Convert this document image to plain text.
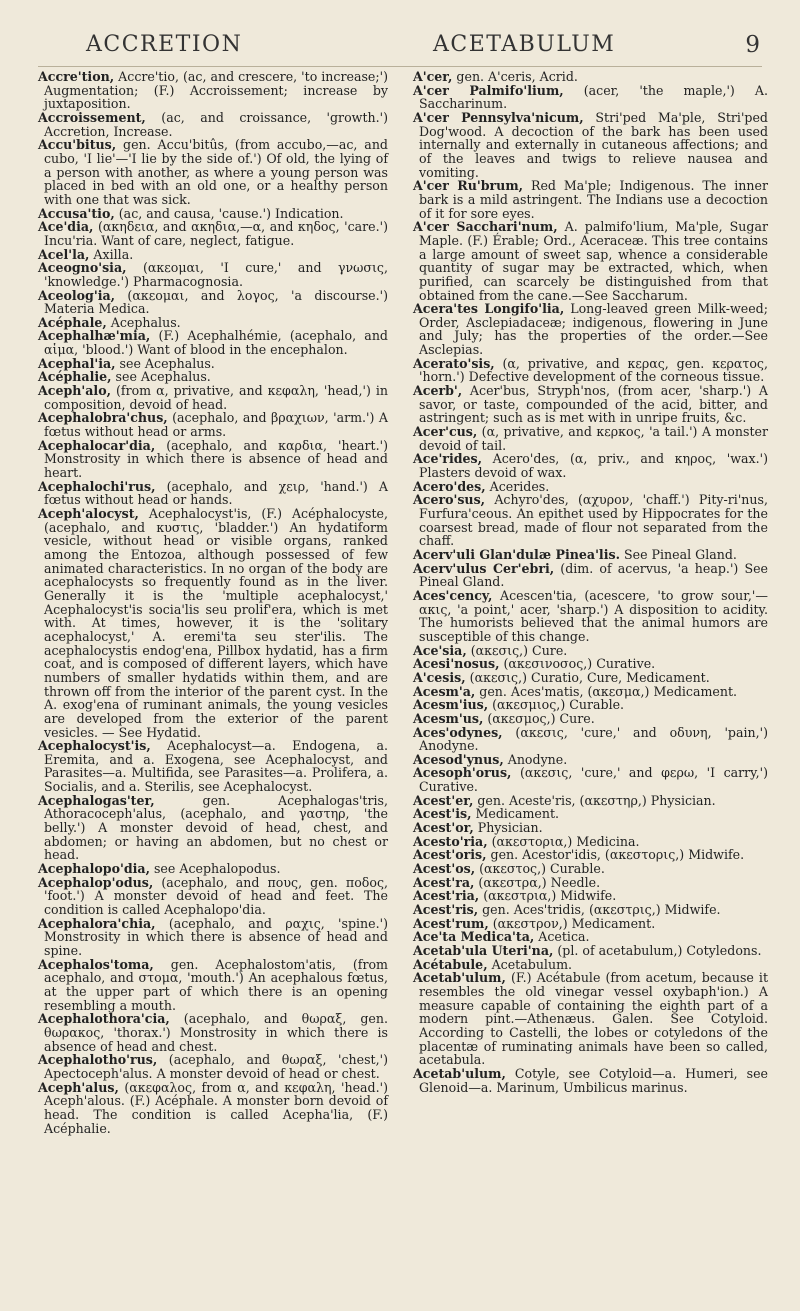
ACCRETION	ACETABULUM	9

Accre'tion, Accre'tio, (ac, and crescere, 'to increase;') Augmentation; (F.) Accroissement; increase by juxtaposition.

Accroissement, (ac, and croissance, 'growth.') Accretion, Increase.

Accu'bitus, gen. Accu'bitûs, (from accubo,—ac, and cubo, 'I lie'—'I lie by the side of.') Of old, the lying of a person with another, as where a young person was placed in bed with an old one, or a healthy person with one that was sick.

Accusa'tio, (ac, and causa, 'cause.') Indication.

Ace'dia, (ακηδεια, and ακηδια,—α, and κηδος, 'care.') Incu'ria. Want of care, neglect, fatigue.

Acel'la, Axilla.

Aceogno'sia, (ακεομαι, 'I cure,' and γνωσις, 'knowledge.') Pharmacognosia.

Aceolog'ia, (ακεομαι, and λογος, 'a discourse.') Materia Medica.

Acéphale, Acephalus.

Acephalhæ'mia, (F.) Acephalhémie, (acephalo, and αἱμα, 'blood.') Want of blood in the encephalon.

Acephal'ia, see Acephalus.

Acéphalie, see Acephalus.

Aceph'alo, (from α, privative, and κεφαλη, 'head,') in composition, devoid of head.

Acephalobra'chus, (acephalo, and βραχιων, 'arm.') A fœtus without head or arms.

Acephalocar'dia, (acephalo, and καρδια, 'heart.') Monstrosity in which there is absence of head and heart.

Acephalochi'rus, (acephalo, and χειρ, 'hand.') A fœtus without head or hands.

Aceph'alocyst, Acephalocyst'is, (F.) Acéphalocyste, (acephalo, and κυστις, 'bladder.') An hydatiform vesicle, without head or visible organs, ranked among the Entozoa, although possessed of few animated characteristics. In no organ of the body are acephalocysts so frequently found as in the liver. Generally it is the 'multiple acephalocyst,' Acephalocyst'is socia'lis seu prolif'era, which is met with. At times, however, it is the 'solitary acephalocyst,' A. eremi'ta seu ster'ilis. The acephalocystis endog'ena, Pillbox hydatid, has a firm coat, and is composed of different layers, which have numbers of smaller hydatids within them, and are thrown off from the interior of the parent cyst. In the A. exog'ena of ruminant animals, the young vesicles are developed from the exterior of the parent vesicles. — See Hydatid.

Acephalocyst'is, Acephalocyst—a. Endogena, a. Eremita, and a. Exogena, see Acephalocyst, and Parasites—a. Multifida, see Parasites—a. Prolifera, a. Socialis, and a. Sterilis, see Acephalocyst.

Acephalogas'ter, gen. Acephalogas'tris, Athoracoceph'alus, (acephalo, and γαστηρ, 'the belly.') A monster devoid of head, chest, and abdomen; or having an abdomen, but no chest or head.

Acephalopo'dia, see Acephalopodus.

Acephalop'odus, (acephalo, and πους, gen. ποδος, 'foot.') A monster devoid of head and feet. The condition is called Acephalopo'dia.

Acephalora'chia, (acephalo, and ραχις, 'spine.') Monstrosity in which there is absence of head and spine.

Acephalos'toma, gen. Acephalostom'atis, (from acephalo, and στομα, 'mouth.') An acephalous fœtus, at the upper part of which there is an opening resembling a mouth.

Acephalothora'cia, (acephalo, and θωραξ, gen. θωρακος, 'thorax.') Monstrosity in which there is absence of head and chest.

Acephalotho'rus, (acephalo, and θωραξ, 'chest,') Apectoceph'alus. A monster devoid of head or chest.

Aceph'alus, (ακεφαλος, from α, and κεφαλη, 'head.') Aceph'alous. (F.) Acéphale. A monster born devoid of head. The condition is called Acepha'lia, (F.) Acéphalie.

A'cer, gen. A'ceris, Acrid.

A'cer Palmifo'lium, (acer, 'the maple,') A. Saccharinum.

A'cer Pennsylva'nicum, Stri'ped Ma'ple, Stri'ped Dog'wood. A decoction of the bark has been used internally and externally in cutaneous affections; and of the leaves and twigs to relieve nausea and vomiting.

A'cer Ru'brum, Red Ma'ple; Indigenous. The inner bark is a mild astringent. The Indians use a decoction of it for sore eyes.

A'cer Sacchari'num, A. palmifo'lium, Ma'ple, Sugar Maple. (F.) Érable; Ord., Aceraceæ. This tree contains a large amount of sweet sap, whence a considerable quantity of sugar may be extracted, which, when purified, can scarcely be distinguished from that obtained from the cane.—See Saccharum.

Acera'tes Longifo'lia, Long-leaved green Milk-weed; Order, Asclepiadaceæ; indigenous, flowering in June and July; has the properties of the order.—See Asclepias.

Acerato'sis, (α, privative, and κερας, gen. κερατος, 'horn.') Defective development of the corneous tissue.

Acerb', Acer'bus, Stryph'nos, (from acer, 'sharp.') A savor, or taste, compounded of the acid, bitter, and astringent; such as is met with in unripe fruits, &c.

Acer'cus, (α, privative, and κερκος, 'a tail.') A monster devoid of tail.

Ace'rides, Acero'des, (α, priv., and κηρος, 'wax.') Plasters devoid of wax.

Acero'des, Acerides.

Acero'sus, Achyro'des, (αχυρον, 'chaff.') Pity-ri'nus, Furfura'ceous. An epithet used by Hippocrates for the coarsest bread, made of flour not separated from the chaff.

Acerv'uli Glan'dulæ Pinea'lis. See Pineal Gland.

Acerv'ulus Cer'ebri, (dim. of acervus, 'a heap.') See Pineal Gland.

Aces'cency, Acescen'tia, (acescere, 'to grow sour,'—ακις, 'a point,' acer, 'sharp.') A disposition to acidity. The humorists believed that the animal humors are susceptible of this change.

Ace'sia, (ακεσις,) Cure.

Acesi'nosus, (ακεσινοσος,) Curative.

A'cesis, (ακεσις,) Curatio, Cure, Medicament.

Acesm'a, gen. Aces'matis, (ακεσμα,) Medicament.

Acesm'ius, (ακεσμιος,) Curable.

Acesm'us, (ακεσμος,) Cure.

Aces'odynes, (ακεσις, 'cure,' and οδυνη, 'pain,') Anodyne.

Acesod'ynus, Anodyne.

Acesoph'orus, (ακεσις, 'cure,' and φερω, 'I carry,') Curative.

Acest'er, gen. Aceste'ris, (ακεστηρ,) Physician.

Acest'is, Medicament.

Acest'or, Physician.

Acesto'ria, (ακεστορια,) Medicina.

Acest'oris, gen. Acestor'idis, (ακεστορις,) Midwife.

Acest'os, (ακεστος,) Curable.

Acest'ra, (ακεστρα,) Needle.

Acest'ria, (ακεστρια,) Midwife.

Acest'ris, gen. Aces'tridis, (ακεστρις,) Midwife.

Acest'rum, (ακεστρον,) Medicament.

Ace'ta Medica'ta, Acetica.

Acetab'ula Uteri'na, (pl. of acetabulum,) Cotyledons.

Acétabule, Acetabulum.

Acetab'ulum, (F.) Acétabule (from acetum, because it resembles the old vinegar vessel oxybaph'ion.) A measure capable of containing the eighth part of a modern pint.—Athenæus. Galen. See Cotyloid. According to Castelli, the lobes or cotyledons of the placentæ of ruminating animals have been so called, acetabula.

Acetab'ulum, Cotyle, see Cotyloid—a. Humeri, see Glenoid—a. Marinum, Umbilicus marinus.
